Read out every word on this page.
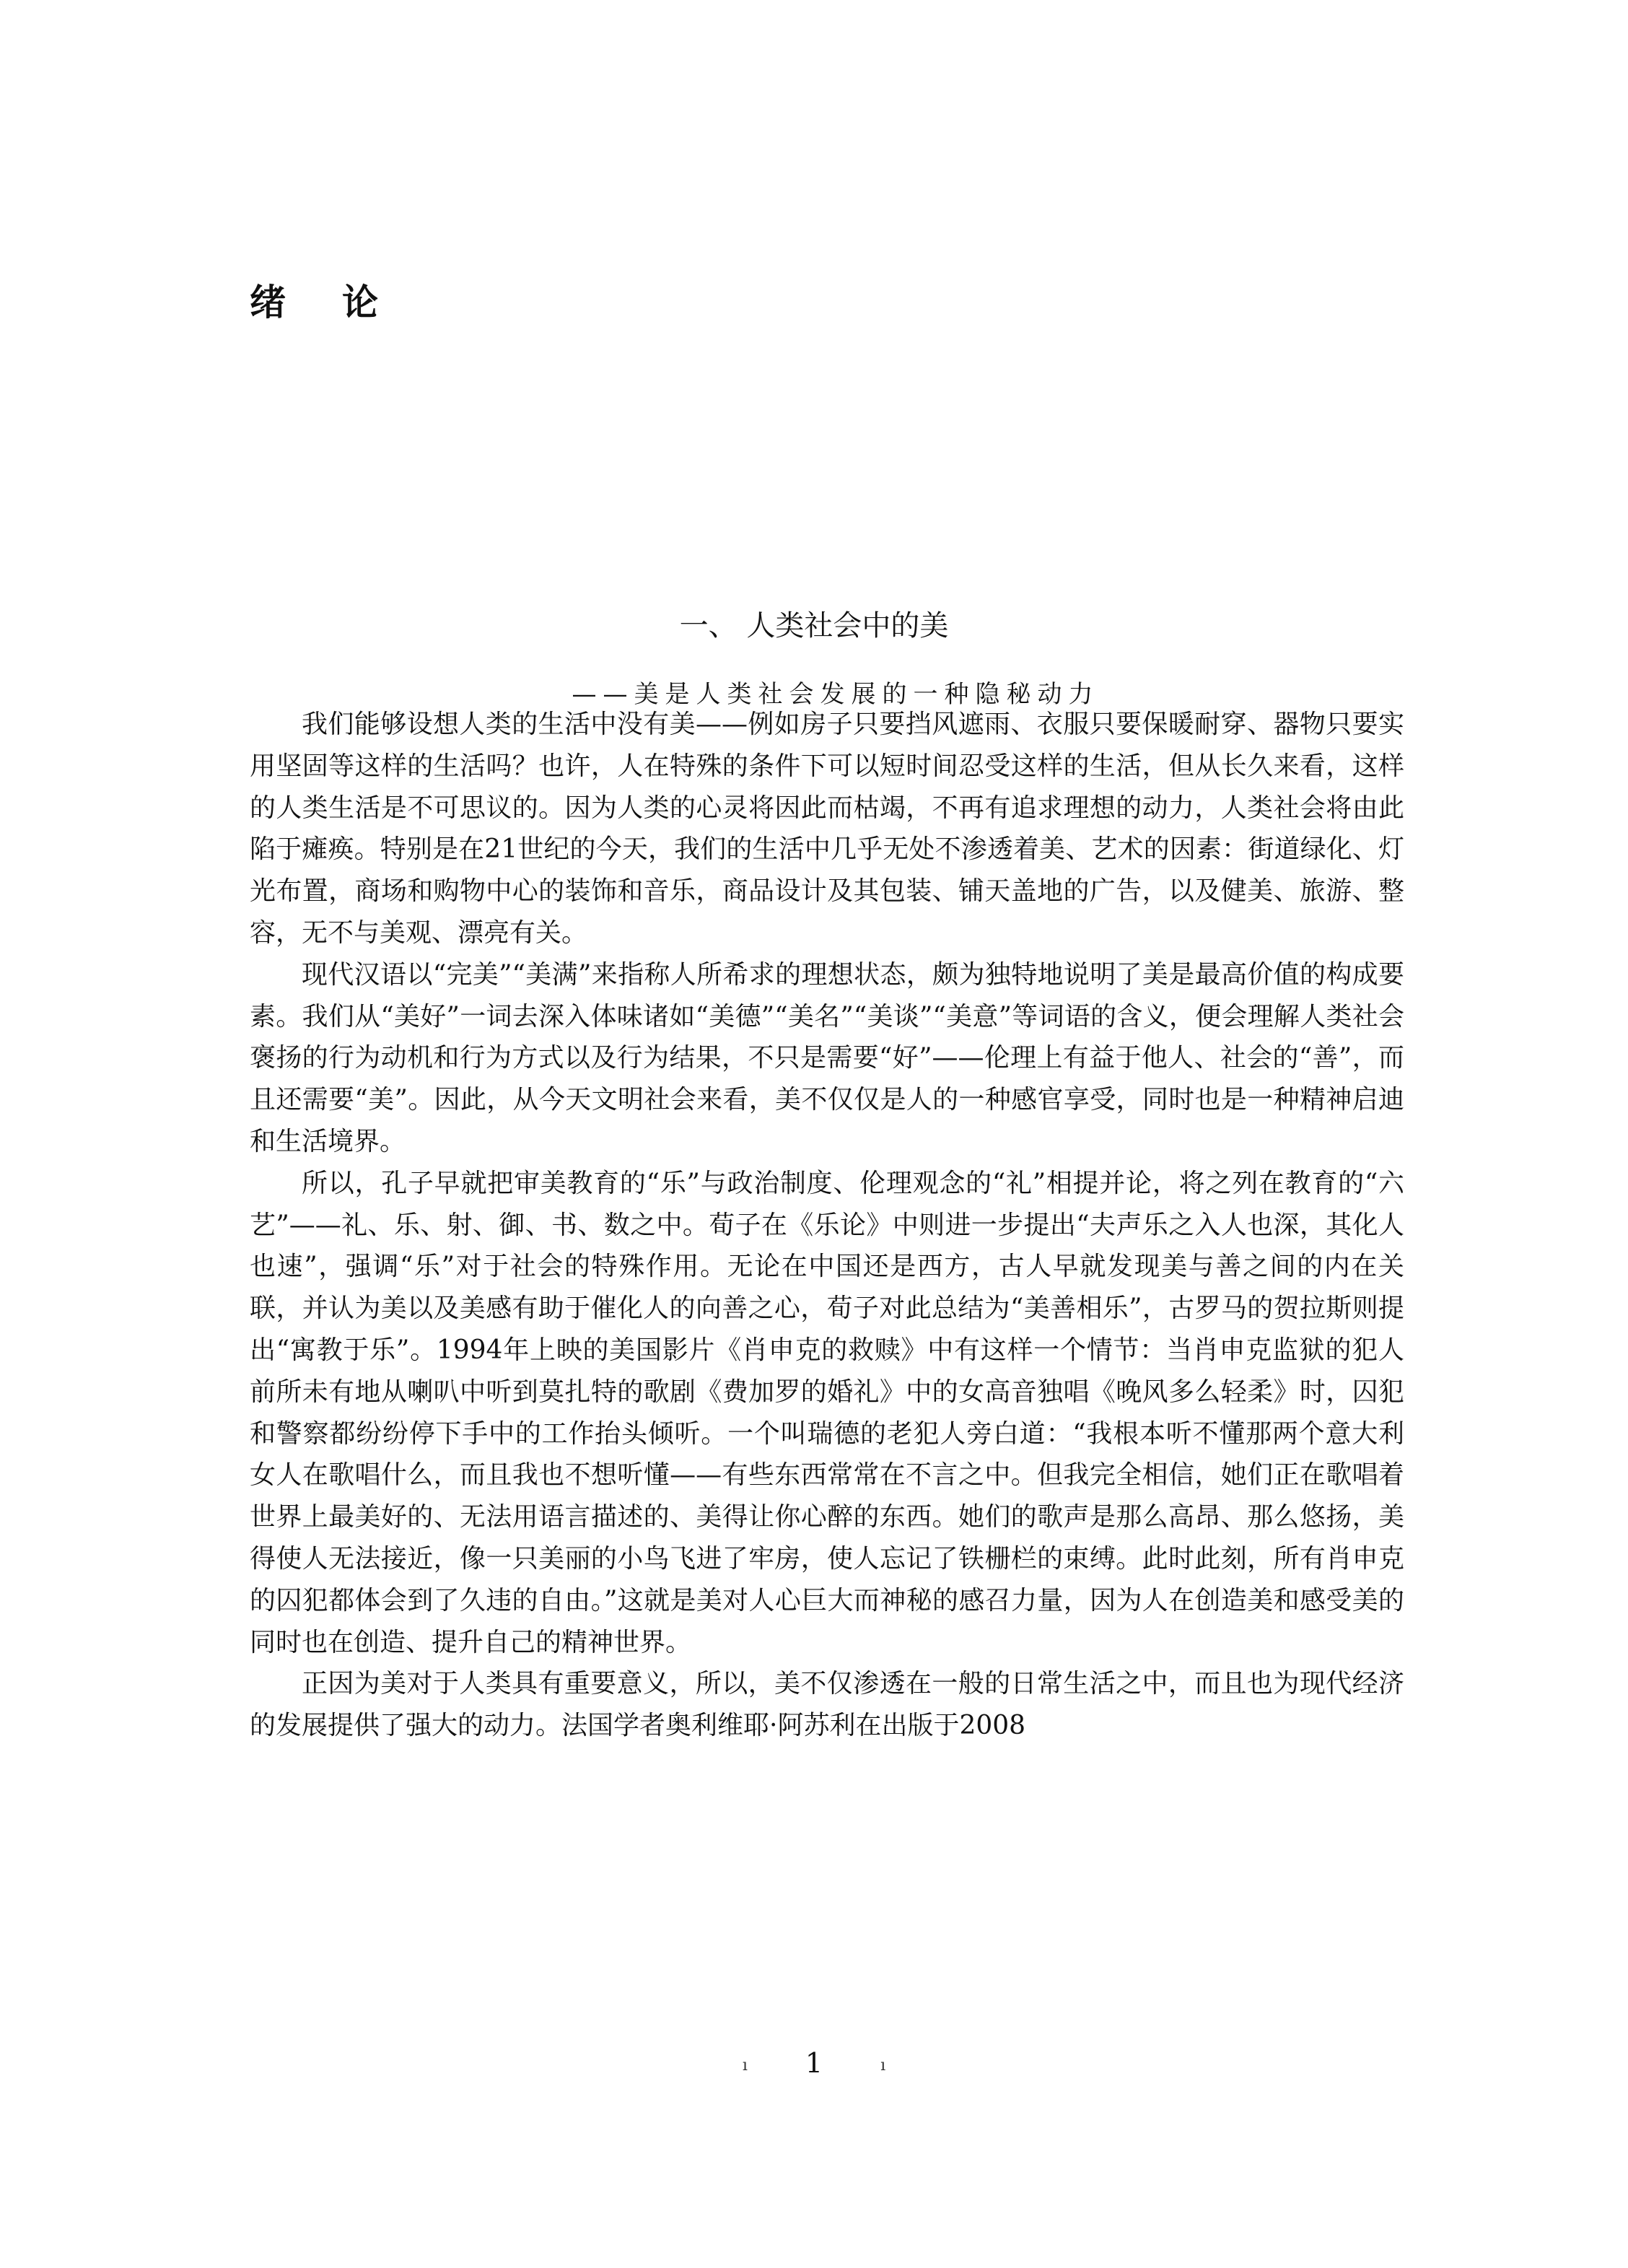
绪论
一、 人类社会中的美
——美是人类社会发展的一种隐秘动力

我们能够设想人类的生活中没有美——例如房子只要挡风遮雨、衣服只要保暖耐穿、器物只要实用坚固等这样的生活吗？也许，人在特殊的条件下可以短时间忍受这样的生活，但从长久来看，这样的人类生活是不可思议的。因为人类的心灵将因此而枯竭，不再有追求理想的动力，人类社会将由此陷于瘫痪。特别是在21世纪的今天，我们的生活中几乎无处不渗透着美、艺术的因素：街道绿化、灯光布置，商场和购物中心的装饰和音乐，商品设计及其包装、铺天盖地的广告，以及健美、旅游、整容，无不与美观、漂亮有关。

现代汉语以“完美”“美满”来指称人所希求的理想状态，颇为独特地说明了美是最高价值的构成要素。我们从“美好”一词去深入体味诸如“美德”“美名”“美谈”“美意”等词语的含义，便会理解人类社会褒扬的行为动机和行为方式以及行为结果，不只是需要“好”——伦理上有益于他人、社会的“善”，而且还需要“美”。因此，从今天文明社会来看，美不仅仅是人的一种感官享受，同时也是一种精神启迪和生活境界。

所以，孔子早就把审美教育的“乐”与政治制度、伦理观念的“礼”相提并论，将之列在教育的“六艺”——礼、乐、射、御、书、数之中。荀子在《乐论》中则进一步提出“夫声乐之入人也深，其化人也速”，强调“乐”对于社会的特殊作用。无论在中国还是西方，古人早就发现美与善之间的内在关联，并认为美以及美感有助于催化人的向善之心，荀子对此总结为“美善相乐”，古罗马的贺拉斯则提出“寓教于乐”。1994年上映的美国影片《肖申克的救赎》中有这样一个情节：当肖申克监狱的犯人前所未有地从喇叭中听到莫扎特的歌剧《费加罗的婚礼》中的女高音独唱《晚风多么轻柔》时，囚犯和警察都纷纷停下手中的工作抬头倾听。一个叫瑞德的老犯人旁白道：“我根本听不懂那两个意大利女人在歌唱什么，而且我也不想听懂——有些东西常常在不言之中。但我完全相信，她们正在歌唱着世界上最美好的、无法用语言描述的、美得让你心醉的东西。她们的歌声是那么高昂、那么悠扬，美得使人无法接近，像一只美丽的小鸟飞进了牢房，使人忘记了铁栅栏的束缚。此时此刻，所有肖申克的囚犯都体会到了久违的自由。”这就是美对人心巨大而神秘的感召力量，因为人在创造美和感受美的同时也在创造、提升自己的精神世界。

正因为美对于人类具有重要意义，所以，美不仅渗透在一般的日常生活之中，而且也为现代经济的发展提供了强大的动力。法国学者奥利维耶·阿苏利在出版于2008

ı 1	ı
